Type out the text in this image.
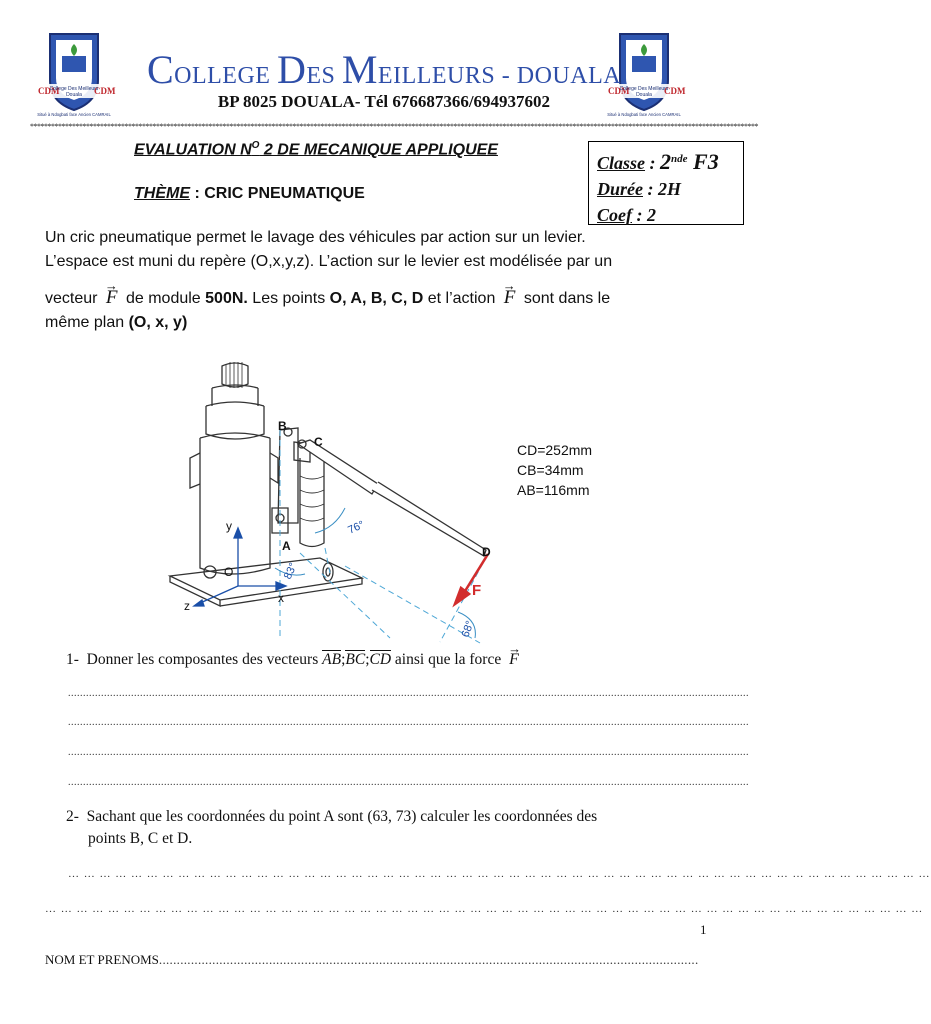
CDM	CDM
College Des Meilleurs
Douala
Situé à Ndogbati face Ancien CAMRAIL
CDM	CDM
College Des Meilleurs
Douala
Situé à Ndogbati face Ancien CAMRAIL
COLLEGE DES MEILLEURS - DOUALA
BP 8025 DOUALA- Tél 676687366/694937602
****************************************************************************************************************************************************************************************************************
EVALUATION $N^O$ 2 DE MECANIQUE APPLIQUEE
THÈME : CRIC PNEUMATIQUE
Classe : 2nde F3
Durée : 2H
Coef : 2

Un cric pneumatique permet le lavage des véhicules par action sur un levier.

L’espace est muni du repère (O,x,y,z). L’action sur le levier est modélisée par un

vecteur → F de module 500N. Les points O, A, B, C, D et l’action → F sont dans le

même plan (O, x, y)

B
C
A	D
F
O
x
y
z
76°
83°
68°
CD=252mm
CB=34mm
AB=116mm
1- Donner les composantes des vecteurs AB;BC;CD ainsi que la force → F
...................................................................................................................................................................................................................................
...................................................................................................................................................................................................................................
...................................................................................................................................................................................................................................
...................................................................................................................................................................................................................................
2- Sachant que les coordonnées du point A sont (63, 73) calculer les coordonnées des
points B, C et D.
… … … … … … … … … … … … … … … … … … … … … … … … … … … … … … … … … … … … … … … … … … … … … … … … … … … … … … …
… … … … … … … … … … … … … … … … … … … … … … … … … … … … … … … … … … … … … … … … … … … … … … … … … … … … … … … …
1
NOM ET PRENOMS........................................................................................................................................................
